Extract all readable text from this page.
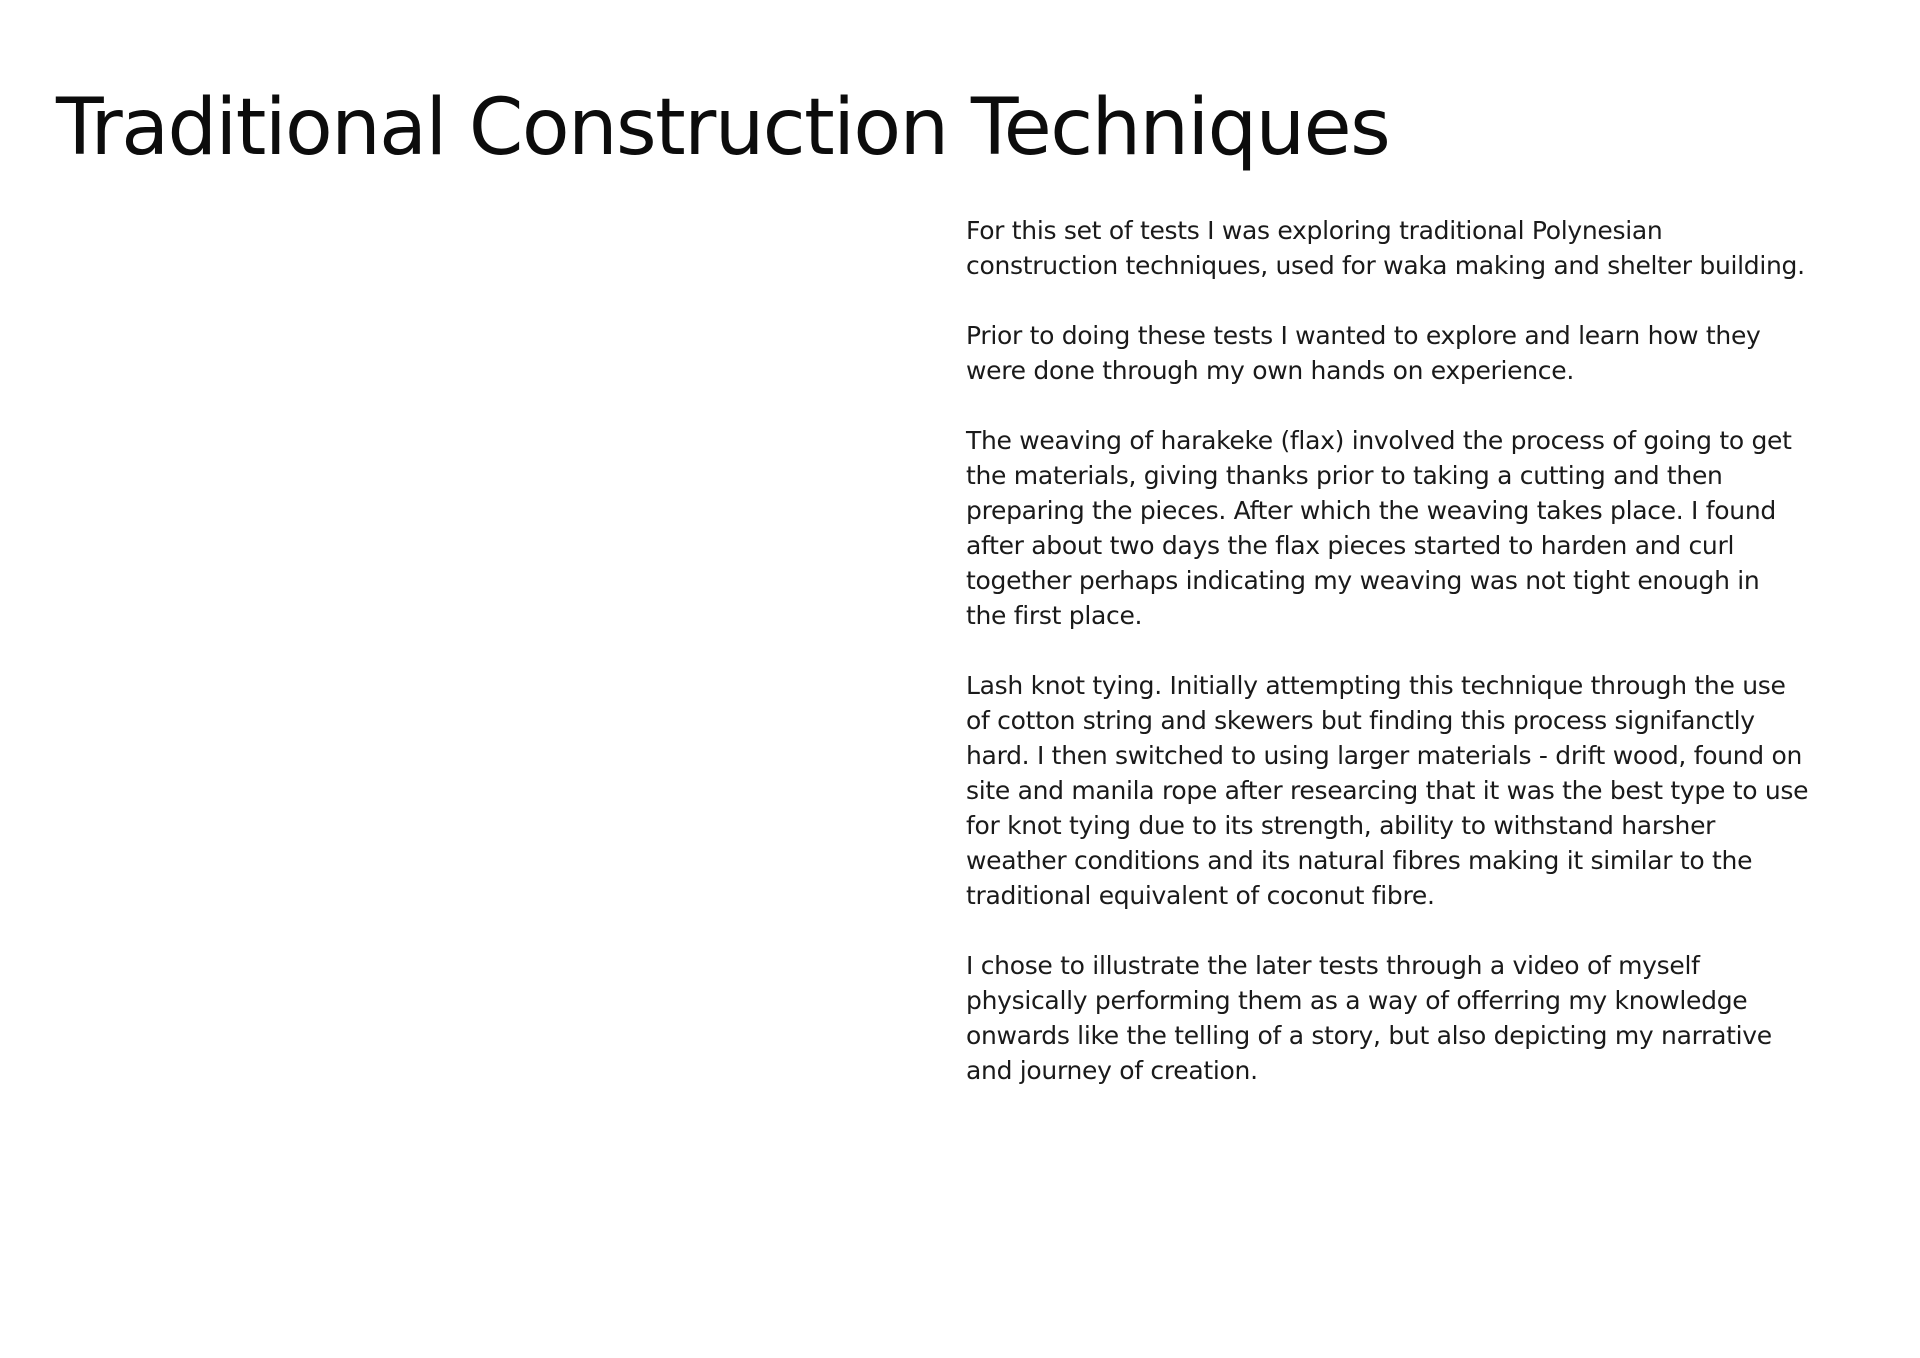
Traditional Construction Techniques

For this set of tests I was exploring traditional Polynesian
construction techniques, used for waka making and shelter building.

Prior to doing these tests I wanted to explore and learn how they
were done through my own hands on experience.

The weaving of harakeke (flax) involved the process of going to get
the materials, giving thanks prior to taking a cutting and then
preparing the pieces. After which the weaving takes place. I found
after about two days the flax pieces started to harden and curl
together perhaps indicating my weaving was not tight enough in
the first place.

Lash knot tying. Initially attempting this technique through the use
of cotton string and skewers but finding this process signifanctly
hard. I then switched to using larger materials - drift wood, found on
site and manila rope after researcing that it was the best type to use
for knot tying due to its strength, ability to withstand harsher
weather conditions and its natural fibres making it similar to the
traditional equivalent of coconut fibre.

I chose to illustrate the later tests through a video of myself
physically performing them as a way of offerring my knowledge
onwards like the telling of a story, but also depicting my narrative
and journey of creation.
